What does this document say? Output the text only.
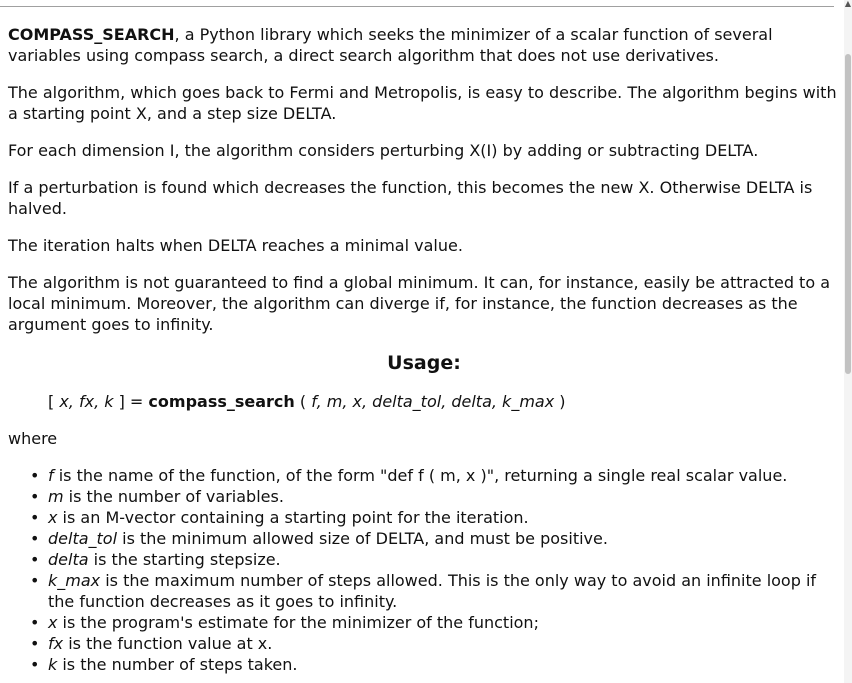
COMPASS_SEARCH, a Python library which seeks the minimizer of a scalar function of several variables using compass search, a direct search algorithm that does not use derivatives.

The algorithm, which goes back to Fermi and Metropolis, is easy to describe. The algorithm begins with a starting point X, and a step size DELTA.

For each dimension I, the algorithm considers perturbing X(I) by adding or subtracting DELTA.

If a perturbation is found which decreases the function, this becomes the new X. Otherwise DELTA is halved.

The iteration halts when DELTA reaches a minimal value.

The algorithm is not guaranteed to find a global minimum. It can, for instance, easily be attracted to a local minimum. Moreover, the algorithm can diverge if, for instance, the function decreases as the argument goes to infinity.

Usage:
[ x, fx, k ] = compass_search ( f, m, x, delta_tol, delta, k_max )

where

• f is the name of the function, of the form "def f ( m, x )", returning a single real scalar value.
• m is the number of variables.
• x is an M-vector containing a starting point for the iteration.
• delta_tol is the minimum allowed size of DELTA, and must be positive.
• delta is the starting stepsize.
• k_max is the maximum number of steps allowed. This is the only way to avoid an infinite loop if the function decreases as it goes to infinity.
• x is the program's estimate for the minimizer of the function;
• fx is the function value at x.
• k is the number of steps taken.
▲
